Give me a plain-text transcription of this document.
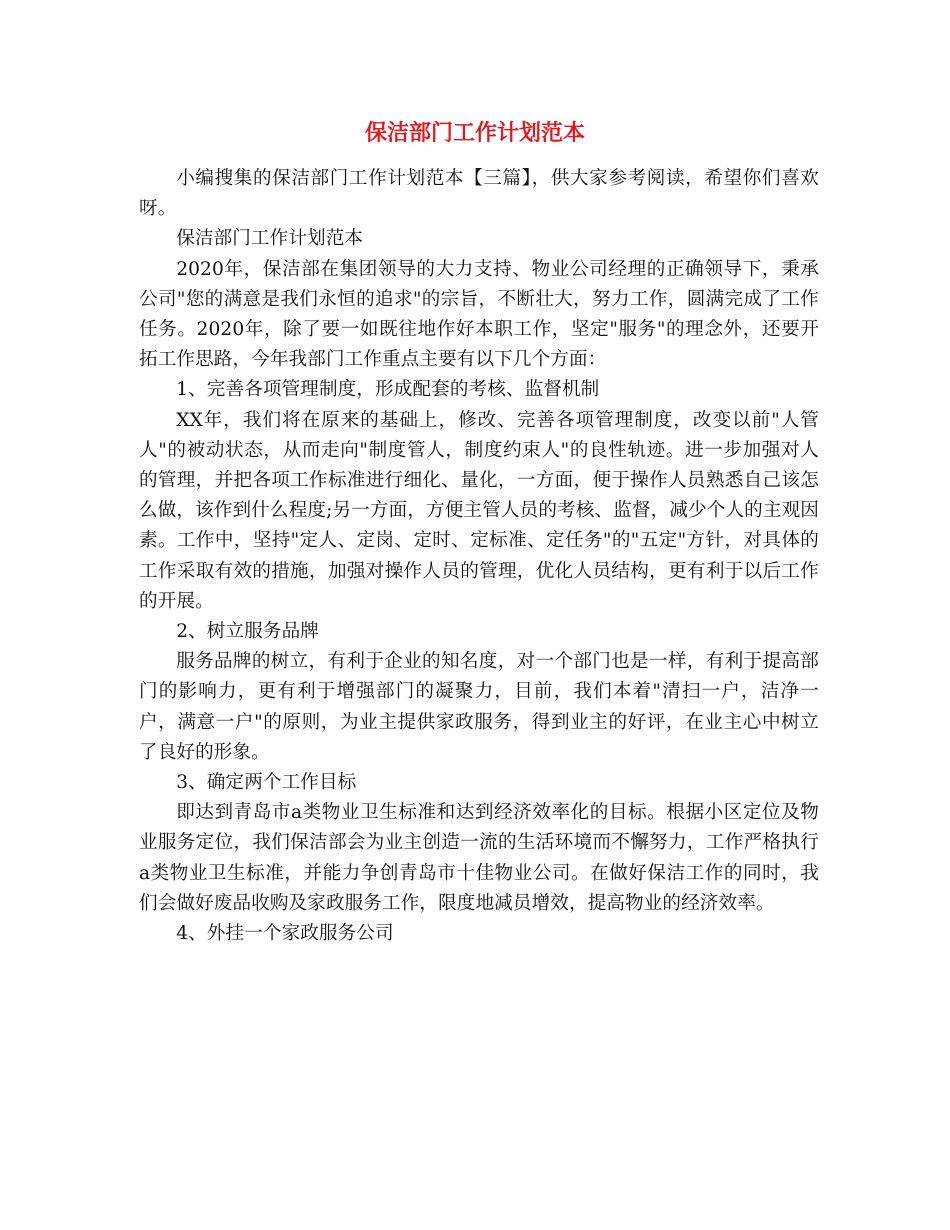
保洁部门工作计划范本

小编搜集的保洁部门工作计划范本【三篇】，供大家参考阅读，希望你们喜欢呀。

保洁部门工作计划范本

2020年，保洁部在集团领导的大力支持、物业公司经理的正确领导下，秉承公司"您的满意是我们永恒的追求"的宗旨，不断壮大，努力工作，圆满完成了工作任务。2020年，除了要一如既往地作好本职工作，坚定"服务"的理念外，还要开拓工作思路，今年我部门工作重点主要有以下几个方面：

1、完善各项管理制度，形成配套的考核、监督机制

XX年，我们将在原来的基础上，修改、完善各项管理制度，改变以前"人管人"的被动状态，从而走向"制度管人，制度约束人"的良性轨迹。进一步加强对人的管理，并把各项工作标准进行细化、量化，一方面，便于操作人员熟悉自己该怎么做，该作到什么程度;另一方面，方便主管人员的考核、监督，减少个人的主观因素。工作中，坚持"定人、定岗、定时、定标准、定任务"的"五定"方针，对具体的工作采取有效的措施，加强对操作人员的管理，优化人员结构，更有利于以后工作的开展。

2、树立服务品牌

服务品牌的树立，有利于企业的知名度，对一个部门也是一样，有利于提高部门的影响力，更有利于增强部门的凝聚力，目前，我们本着"清扫一户，洁净一户，满意一户"的原则，为业主提供家政服务，得到业主的好评，在业主心中树立了良好的形象。

3、确定两个工作目标

即达到青岛市a类物业卫生标准和达到经济效率化的目标。根据小区定位及物业服务定位，我们保洁部会为业主创造一流的生活环境而不懈努力，工作严格执行a类物业卫生标准，并能力争创青岛市十佳物业公司。在做好保洁工作的同时，我们会做好废品收购及家政服务工作，限度地减员增效，提高物业的经济效率。

4、外挂一个家政服务公司
